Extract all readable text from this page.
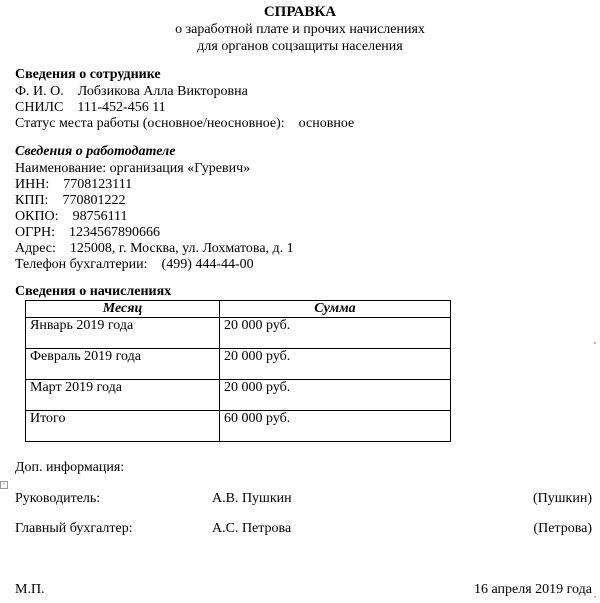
СПРАВКА
о заработной плате и прочих начислениях
для органов соцзащиты населения
Сведения о сотруднике
Ф. И. О. Лобзикова Алла Викторовна
СНИЛС 111-452-456 11
Статус места работы (основное/неосновное): основное
Сведения о работодателе
Наименование: организация «Гуревич»
ИНН: 7708123111
КПП: 770801222
ОКПО: 98756111
ОГРН: 1234567890666
Адрес: 125008, г. Москва, ул. Лохматова, д. 1
Телефон бухгалтерии: (499) 444-44-00
Сведения о начислениях
Месяц	Сумма
Январь 2019 года	20 000 руб.
Февраль 2019 года	20 000 руб.
Март 2019 года	20 000 руб.
Итого	60 000 руб.
Доп. информация:
+
Руководитель:	А.В. Пушкин	(Пушкин)
Главный бухгалтер:	А.С. Петрова	(Петрова)
М.П.	16 апреля 2019 года
